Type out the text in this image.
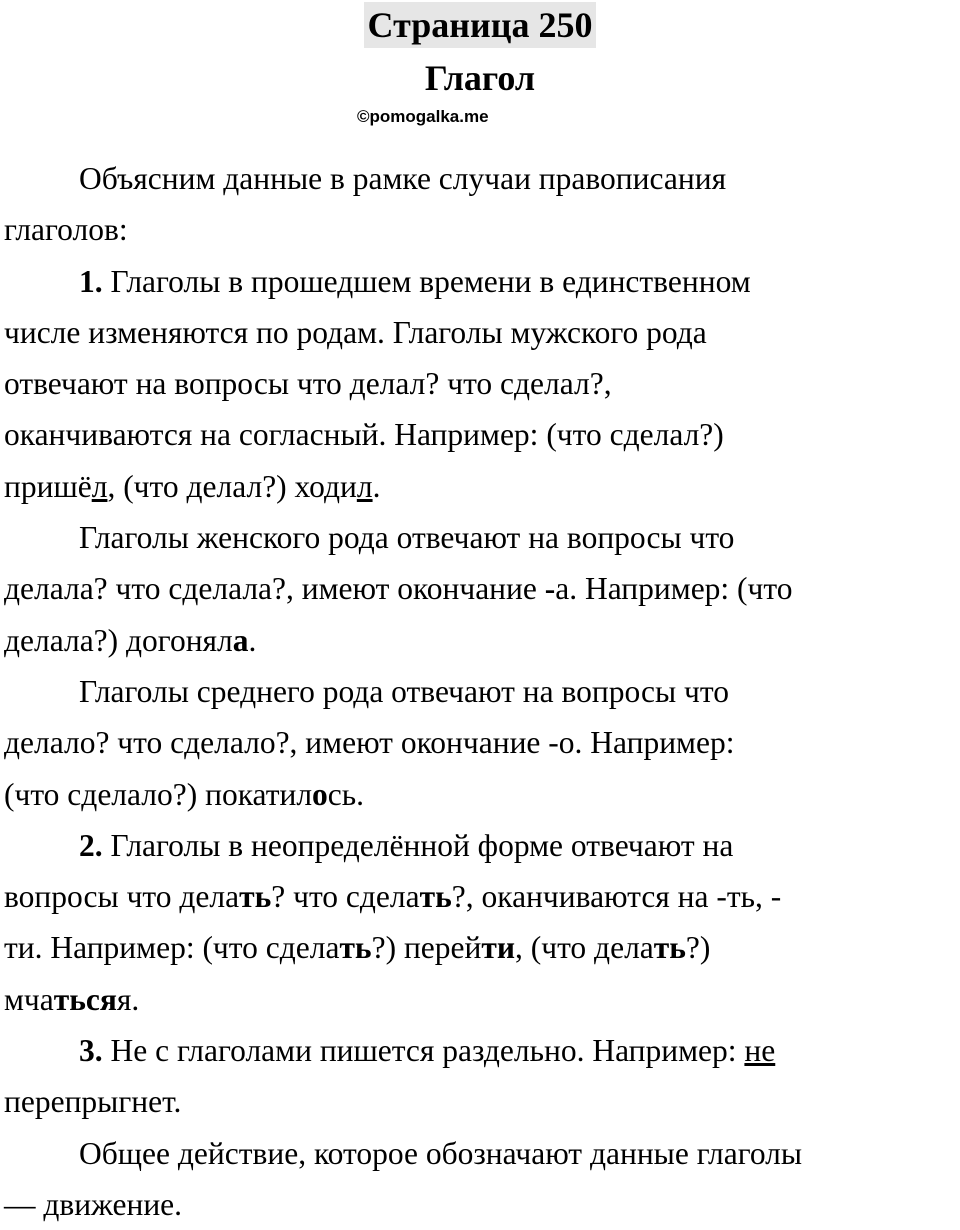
Страница 250
Глагол
©pomogalka.me
Объясним данные в рамке случаи правописания
глаголов:
1. Глаголы в прошедшем времени в единственном
числе изменяются по родам. Глаголы мужского рода
отвечают на вопросы что делал? что сделал?,
оканчиваются на согласный. Например: (что сделал?)
пришёл, (что делал?) ходил.
Глаголы женского рода отвечают на вопросы что
делала? что сделала?, имеют окончание -а. Например: (что
делала?) догоняла.
Глаголы среднего рода отвечают на вопросы что
делало? что сделало?, имеют окончание -о. Например:
(что сделало?) покатилось.
2. Глаголы в неопределённой форме отвечают на
вопросы что делать? что сделать?, оканчиваются на -ть, -
ти. Например: (что сделать?) перейти, (что делать?)
мчатьсяя.
3. Не с глаголами пишется раздельно. Например: не
перепрыгнет.
Общее действие, которое обозначают данные глаголы
— движение.
